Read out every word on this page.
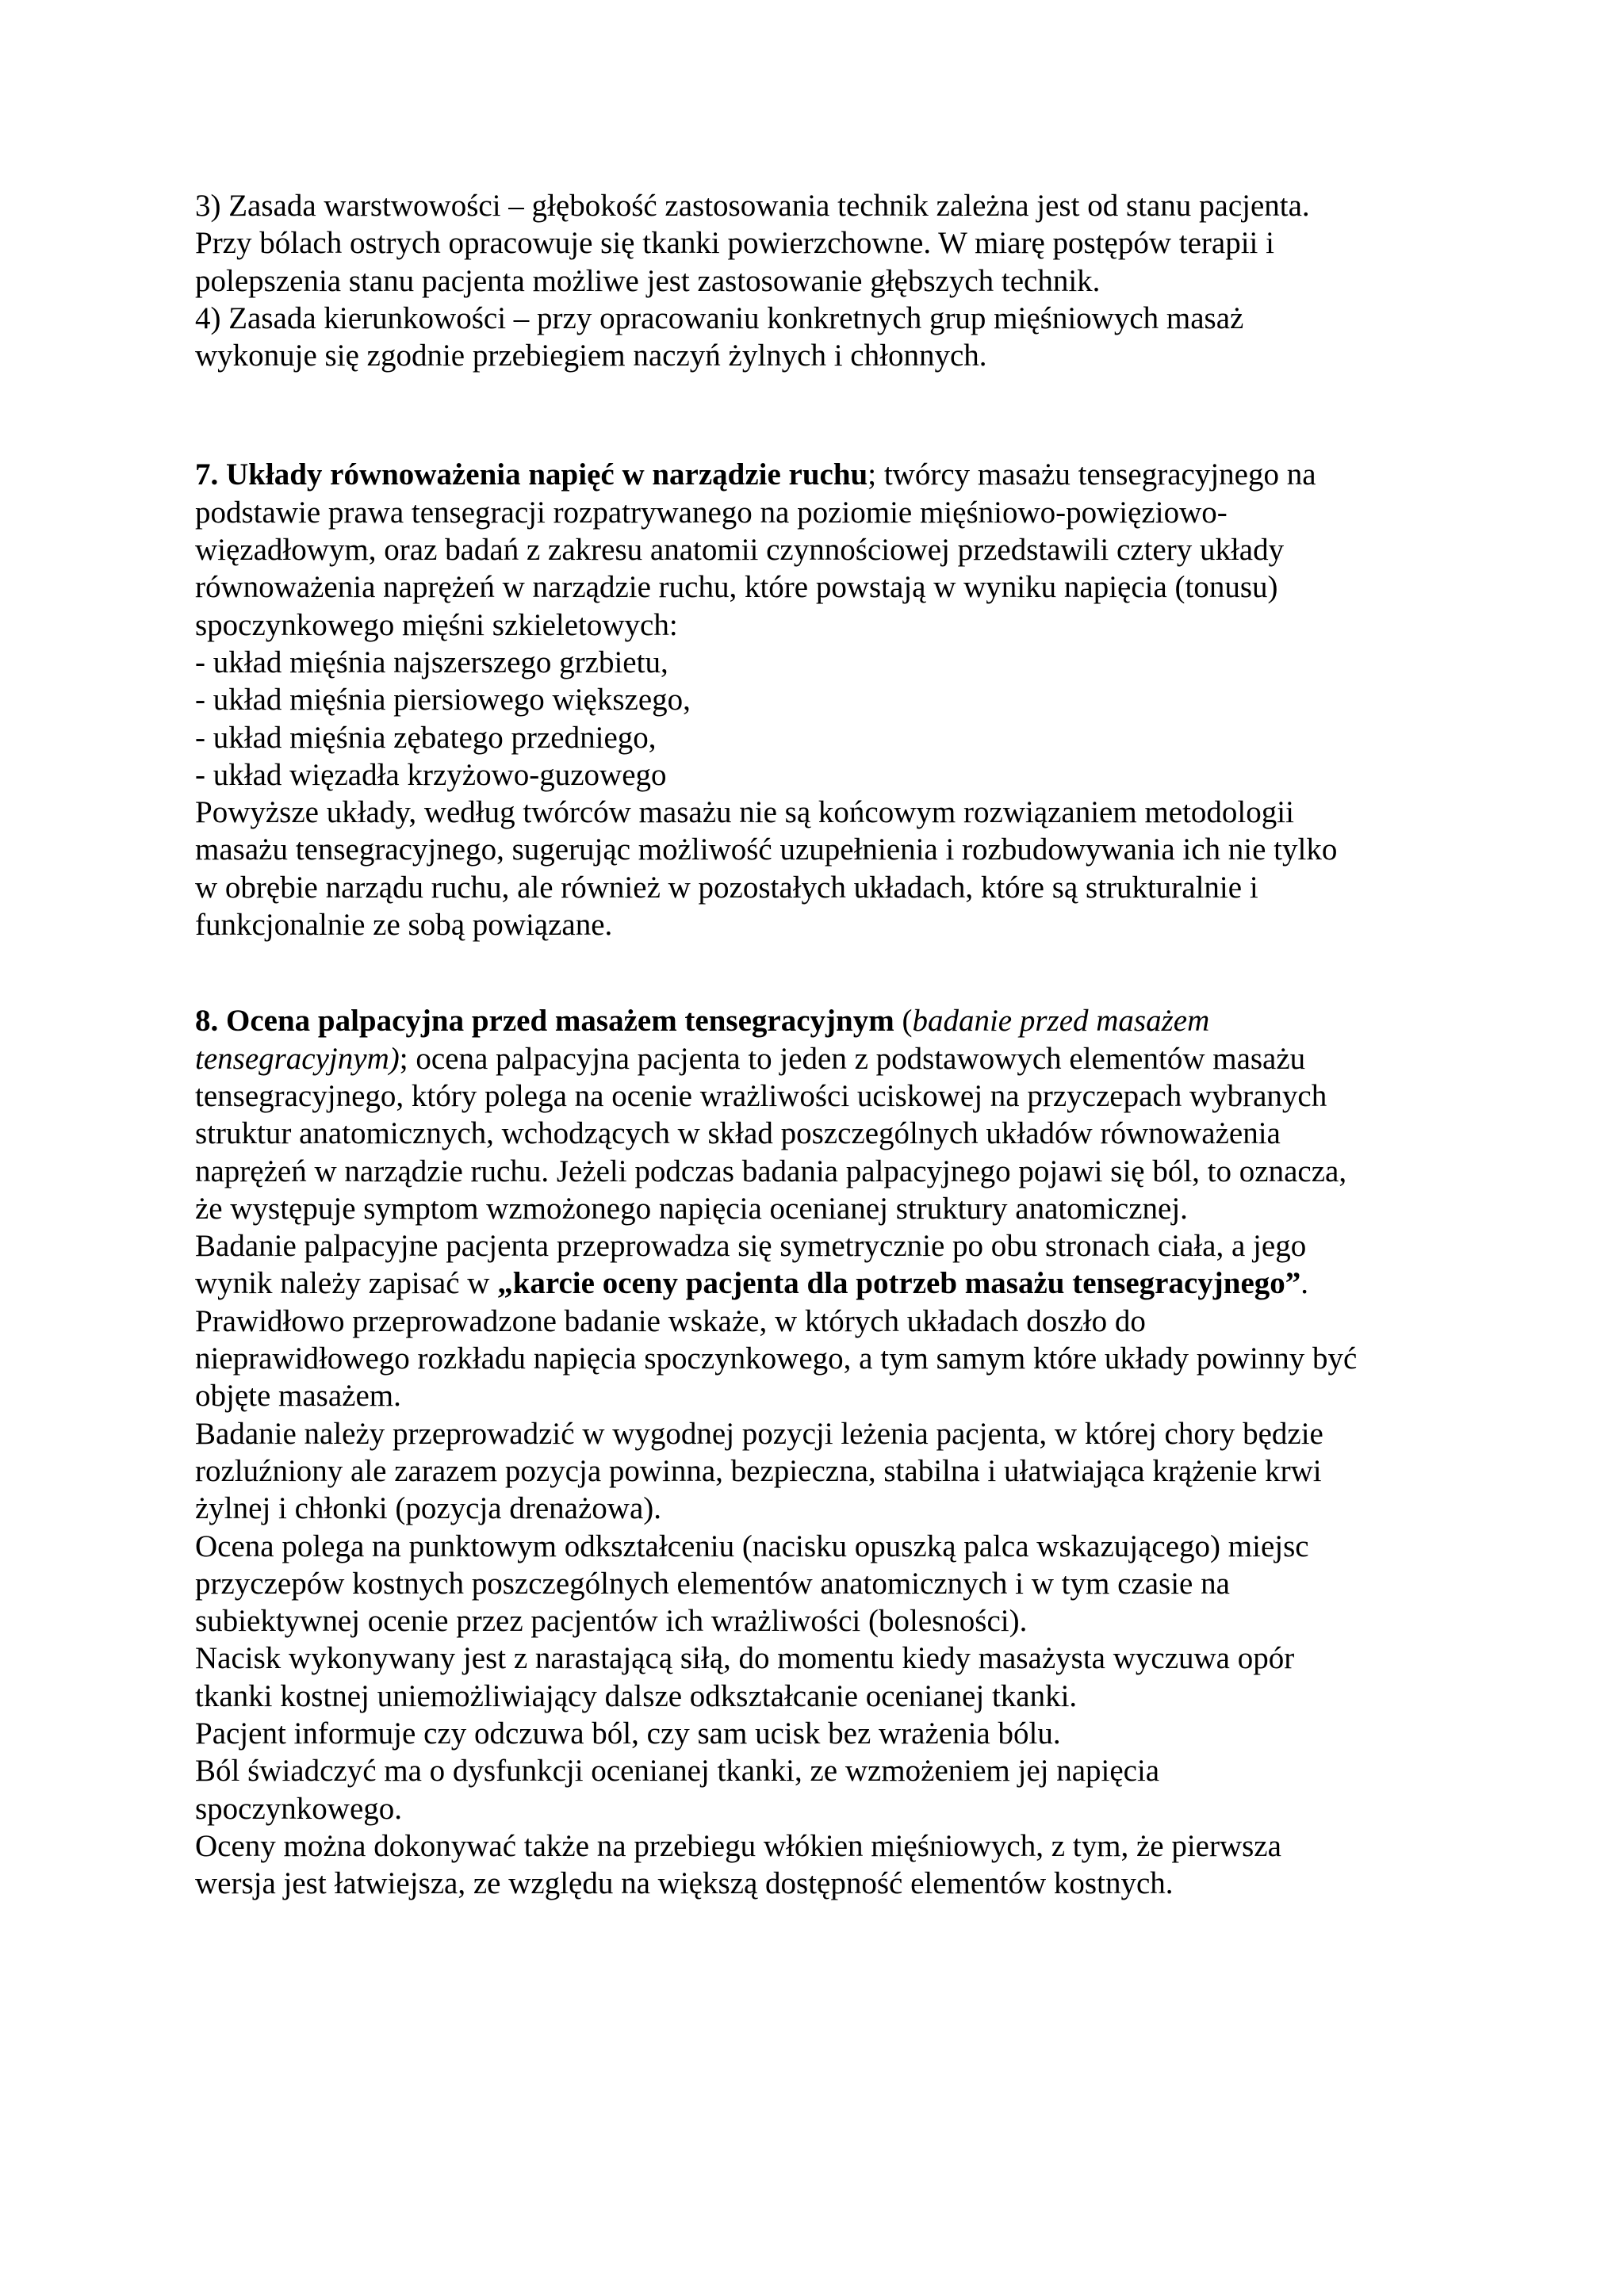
3) Zasada warstwowości – głębokość zastosowania technik zależna jest od stanu pacjenta.
Przy bólach ostrych opracowuje się tkanki powierzchowne. W miarę postępów terapii i
polepszenia stanu pacjenta możliwe jest zastosowanie głębszych technik.
4) Zasada kierunkowości – przy opracowaniu konkretnych grup mięśniowych masaż
wykonuje się zgodnie przebiegiem naczyń żylnych i chłonnych.
7. Układy równoważenia napięć w narządzie ruchu; twórcy masażu tensegracyjnego na
podstawie prawa tensegracji rozpatrywanego na poziomie mięśniowo-powięziowo-
więzadłowym, oraz badań z zakresu anatomii czynnościowej przedstawili cztery układy
równoważenia naprężeń w narządzie ruchu, które powstają w wyniku napięcia (tonusu)
spoczynkowego mięśni szkieletowych:
- układ mięśnia najszerszego grzbietu,
- układ mięśnia piersiowego większego,
- układ mięśnia zębatego przedniego,
- układ więzadła krzyżowo-guzowego
Powyższe układy, według twórców masażu nie są końcowym rozwiązaniem metodologii
masażu tensegracyjnego, sugerując możliwość uzupełnienia i rozbudowywania ich nie tylko
w obrębie narządu ruchu, ale również w pozostałych układach, które są strukturalnie i
funkcjonalnie ze sobą powiązane.
8. Ocena palpacyjna przed masażem tensegracyjnym (badanie przed masażem
tensegracyjnym); ocena palpacyjna pacjenta to jeden z podstawowych elementów masażu
tensegracyjnego, który polega na ocenie wrażliwości uciskowej na przyczepach wybranych
struktur anatomicznych, wchodzących w skład poszczególnych układów równoważenia
naprężeń w narządzie ruchu. Jeżeli podczas badania palpacyjnego pojawi się ból, to oznacza,
że występuje symptom wzmożonego napięcia ocenianej struktury anatomicznej.
Badanie palpacyjne pacjenta przeprowadza się symetrycznie po obu stronach ciała, a jego
wynik należy zapisać w „karcie oceny pacjenta dla potrzeb masażu tensegracyjnego”.
Prawidłowo przeprowadzone badanie wskaże, w których układach doszło do
nieprawidłowego rozkładu napięcia spoczynkowego, a tym samym które układy powinny być
objęte masażem.
Badanie należy przeprowadzić w wygodnej pozycji leżenia pacjenta, w której chory będzie
rozluźniony ale zarazem pozycja powinna, bezpieczna, stabilna i ułatwiająca krążenie krwi
żylnej i chłonki (pozycja drenażowa).
Ocena polega na punktowym odkształceniu (nacisku opuszką palca wskazującego) miejsc
przyczepów kostnych poszczególnych elementów anatomicznych i w tym czasie na
subiektywnej ocenie przez pacjentów ich wrażliwości (bolesności).
Nacisk wykonywany jest z narastającą siłą, do momentu kiedy masażysta wyczuwa opór
tkanki kostnej uniemożliwiający dalsze odkształcanie ocenianej tkanki.
Pacjent informuje czy odczuwa ból, czy sam ucisk bez wrażenia bólu.
Ból świadczyć ma o dysfunkcji ocenianej tkanki, ze wzmożeniem jej napięcia
spoczynkowego.
Oceny można dokonywać także na przebiegu włókien mięśniowych, z tym, że pierwsza
wersja jest łatwiejsza, ze względu na większą dostępność elementów kostnych.
